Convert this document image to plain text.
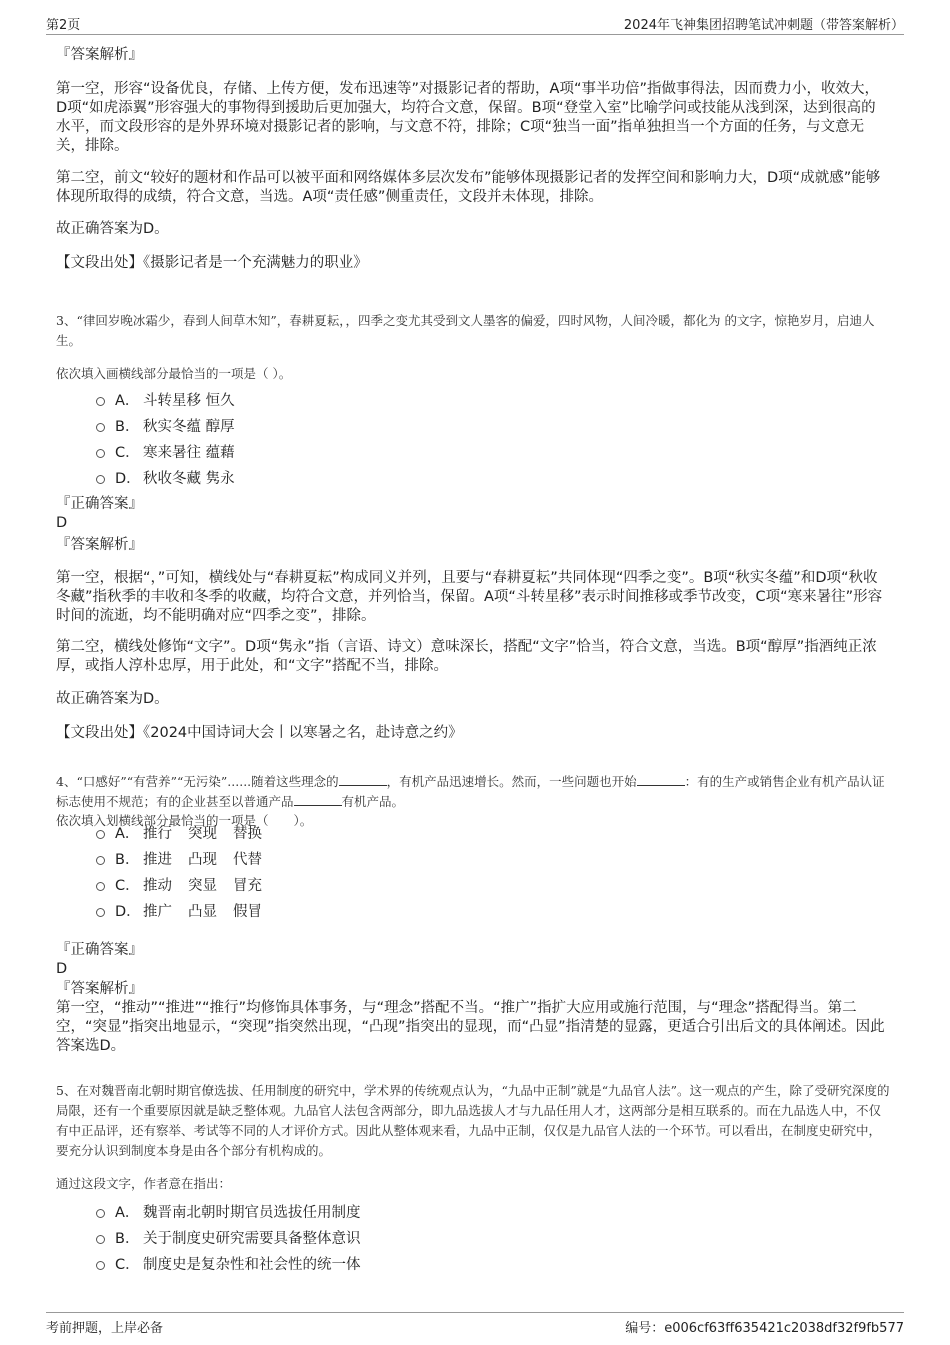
第2页	2024年飞神集团招聘笔试冲刺题（带答案解析）

『答案解析』

第一空，形容“设备优良，存储、上传方便，发布迅速等”对摄影记者的帮助，A项“事半功倍”指做事得法，因而费力小，收效大，D项“如虎添翼”形容强大的事物得到援助后更加强大，均符合文意，保留。B项“登堂入室”比喻学问或技能从浅到深，达到很高的水平，而文段形容的是外界环境对摄影记者的影响，与文意不符，排除；C项“独当一面”指单独担当一个方面的任务，与文意无关，排除。

第二空，前文“较好的题材和作品可以被平面和网络媒体多层次发布”能够体现摄影记者的发挥空间和影响力大，D项“成就感”能够体现所取得的成绩，符合文意，当选。A项“责任感”侧重责任，文段并未体现，排除。

故正确答案为D。

【文段出处】《摄影记者是一个充满魅力的职业》

3、“律回岁晚冰霜少，春到人间草木知”，春耕夏耘，，四季之变尤其受到文人墨客的偏爱，四时风物，人间冷暖，都化为 的文字，惊艳岁月，启迪人生。

依次填入画横线部分最恰当的一项是（ ）。

A． 斗转星移 恒久
B． 秋实冬蕴 醇厚
C． 寒来暑往 蕴藉
D． 秋收冬藏 隽永

『正确答案』

D

『答案解析』

第一空，根据“，”可知，横线处与“春耕夏耘”构成同义并列，且要与“春耕夏耘”共同体现“四季之变”。B项“秋实冬蕴”和D项“秋收冬藏”指秋季的丰收和冬季的收藏，均符合文意，并列恰当，保留。A项“斗转星移”表示时间推移或季节改变，C项“寒来暑往”形容时间的流逝，均不能明确对应“四季之变”，排除。

第二空，横线处修饰“文字”。D项“隽永”指（言语、诗文）意味深长，搭配“文字”恰当，符合文意，当选。B项“醇厚”指酒纯正浓厚，或指人淳朴忠厚，用于此处，和“文字”搭配不当，排除。

故正确答案为D。

【文段出处】《2024中国诗词大会丨以寒暑之名，赴诗意之约》

4、“口感好”“有营养”“无污染”......随着这些理念的	，有机产品迅速增长。然而，一些问题也开始	：有的生产或销售企业有机产品认证标志使用不规范；有的企业甚至以普通产品	有机产品。

依次填入划横线部分最恰当的一项是（　　）。

A． 推行 突现 替换
B． 推进 凸现 代替
C． 推动 突显 冒充
D． 推广 凸显 假冒

『正确答案』

D

『答案解析』

第一空，“推动”“推进”“推行”均修饰具体事务，与“理念”搭配不当。“推广”指扩大应用或施行范围，与“理念”搭配得当。第二空，“突显”指突出地显示，“突现”指突然出现，“凸现”指突出的显现，而“凸显”指清楚的显露，更适合引出后文的具体阐述。因此答案选D。

5、在对魏晋南北朝时期官僚选拔、任用制度的研究中，学术界的传统观点认为，“九品中正制”就是“九品官人法”。这一观点的产生，除了受研究深度的局限，还有一个重要原因就是缺乏整体观。九品官人法包含两部分，即九品选拔人才与九品任用人才，这两部分是相互联系的。而在九品选人中，不仅有中正品评，还有察举、考试等不同的人才评价方式。因此从整体观来看，九品中正制，仅仅是九品官人法的一个环节。可以看出，在制度史研究中，要充分认识到制度本身是由各个部分有机构成的。

通过这段文字，作者意在指出：

A． 魏晋南北朝时期官员选拔任用制度
B． 关于制度史研究需要具备整体意识
C． 制度史是复杂性和社会性的统一体
考前押题，上岸必备	编号：e006cf63ff635421c2038df32f9fb577
